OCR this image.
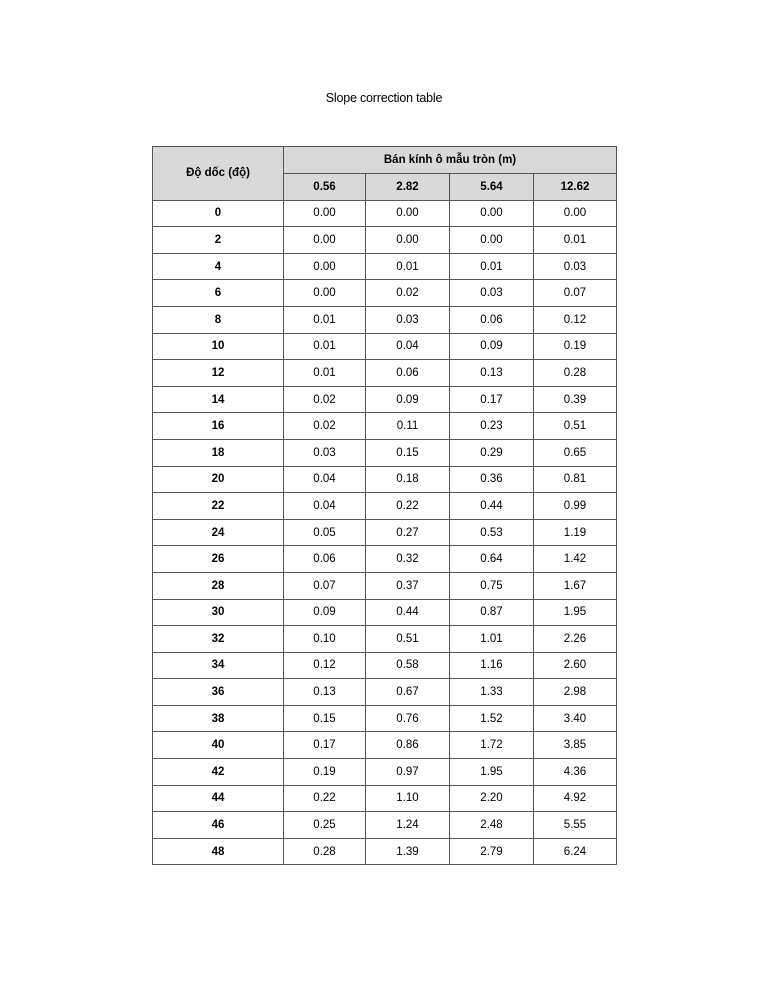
Slope correction table
Độ dốc (độ)	Bán kính ô mẫu tròn (m)			
	0.56	2.82	5.64	12.62
0	0.00	0.00	0.00	0.00
2	0.00	0.00	0.00	0.01
4	0.00	0.01	0.01	0.03
6	0.00	0.02	0.03	0.07
8	0.01	0.03	0.06	0.12
10	0.01	0.04	0.09	0.19
12	0.01	0.06	0.13	0.28
14	0.02	0.09	0.17	0.39
16	0.02	0.11	0.23	0.51
18	0.03	0.15	0.29	0.65
20	0.04	0.18	0.36	0.81
22	0.04	0.22	0.44	0.99
24	0.05	0.27	0.53	1.19
26	0.06	0.32	0.64	1.42
28	0.07	0.37	0.75	1.67
30	0.09	0.44	0.87	1.95
32	0.10	0.51	1.01	2.26
34	0.12	0.58	1.16	2.60
36	0.13	0.67	1.33	2.98
38	0.15	0.76	1.52	3.40
40	0.17	0.86	1.72	3.85
42	0.19	0.97	1.95	4.36
44	0.22	1.10	2.20	4.92
46	0.25	1.24	2.48	5.55
48	0.28	1.39	2.79	6.24
